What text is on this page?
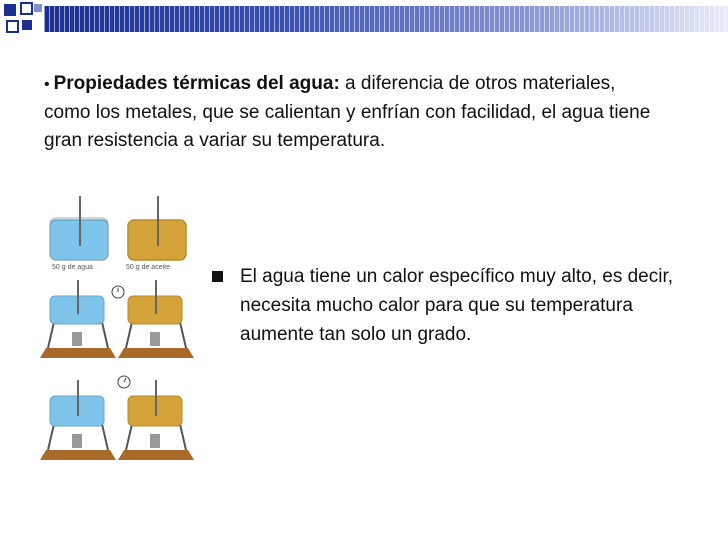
• Propiedades térmicas del agua: a diferencia de otros materiales, como los metales, que se calientan y enfrían con facilidad, el agua tiene gran resistencia a variar su temperatura.
50 g de agua	50 g de aceite	El agua tiene un calor específico muy alto, es decir, necesita mucho calor para que su temperatura aumente tan solo un grado.
